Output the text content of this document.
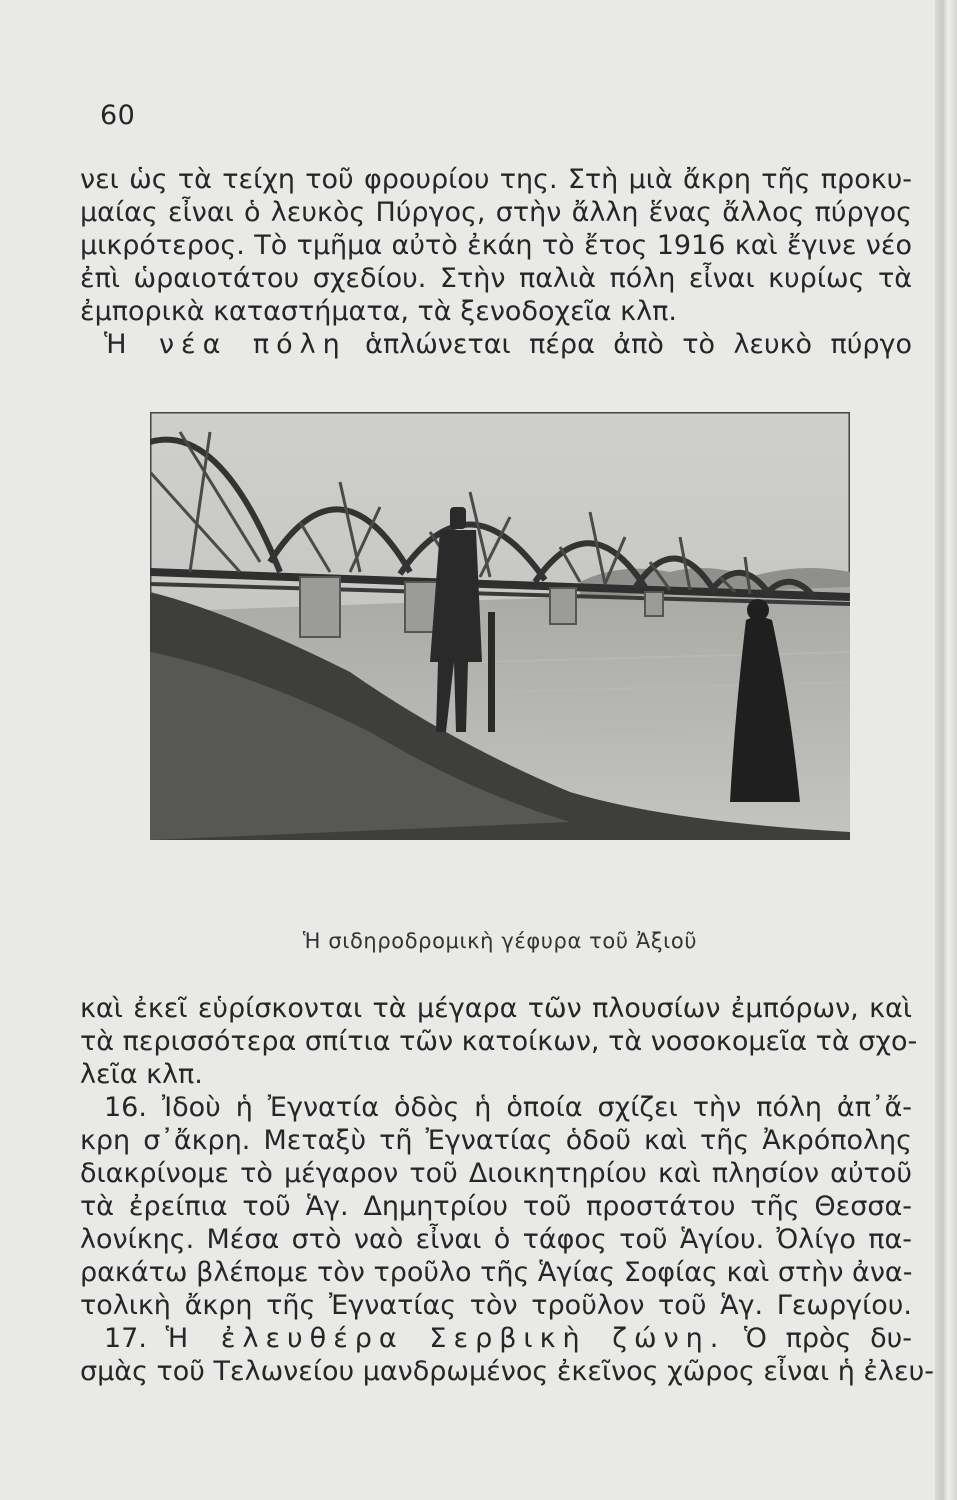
60
νει ὡς τὰ τείχη τοῦ φρουρίου της. Στὴ μιὰ ἄκρη τῆς προκυ-
μαίας εἶναι ὁ λευκὸς Πύργος, στὴν ἄλλη ἕνας ἄλλος πύργος
μικρότερος. Τὸ τμῆμα αὐτὸ ἐκάη τὸ ἔτος 1916 καὶ ἔγινε νέο
ἐπὶ ὡραιοτάτου σχεδίου. Στὴν παλιὰ πόλη εἶναι κυρίως τὰ
ἐμπορικὰ καταστήματα, τὰ ξενοδοχεῖα κλπ.
Ἡ νέα πόλη ἁπλώνεται πέρα ἀπὸ τὸ λευκὸ πύργο
Ἡ σιδηροδρομικὴ γέφυρα τοῦ Ἀξιοῦ
καὶ ἐκεῖ εὑρίσκονται τὰ μέγαρα τῶν πλουσίων ἐμπόρων, καὶ
τὰ περισσότερα σπίτια τῶν κατοίκων, τὰ νοσοκομεῖα τὰ σχο-
λεῖα κλπ.
16. Ἰδοὺ ἡ Ἐγνατία ὁδὸς ἡ ὁποία σχίζει τὴν πόλη ἀπ᾽ἄ-
κρη σ᾽ἄκρη. Μεταξὺ τῆ Ἐγνατίας ὁδοῦ καὶ τῆς Ἀκρόπολης
διακρίνομε τὸ μέγαρον τοῦ Διοικητηρίου καὶ πλησίον αὐτοῦ
τὰ ἐρείπια τοῦ Ἁγ. Δημητρίου τοῦ προστάτου τῆς Θεσσα-
λονίκης. Μέσα στὸ ναὸ εἶναι ὁ τάφος τοῦ Ἁγίου. Ὀλίγο πα-
ρακάτω βλέπομε τὸν τροῦλο τῆς Ἁγίας Σοφίας καὶ στὴν ἀνα-
τολικὴ ἄκρη τῆς Ἐγνατίας τὸν τροῦλον τοῦ Ἁγ. Γεωργίου.
17. Ἡ ἐλευθέρα Σερβικὴ ζώνη. Ὁ πρὸς δυ-
σμὰς τοῦ Τελωνείου μανδρωμένος ἐκεῖνος χῶρος εἶναι ἡ ἐλευ-
